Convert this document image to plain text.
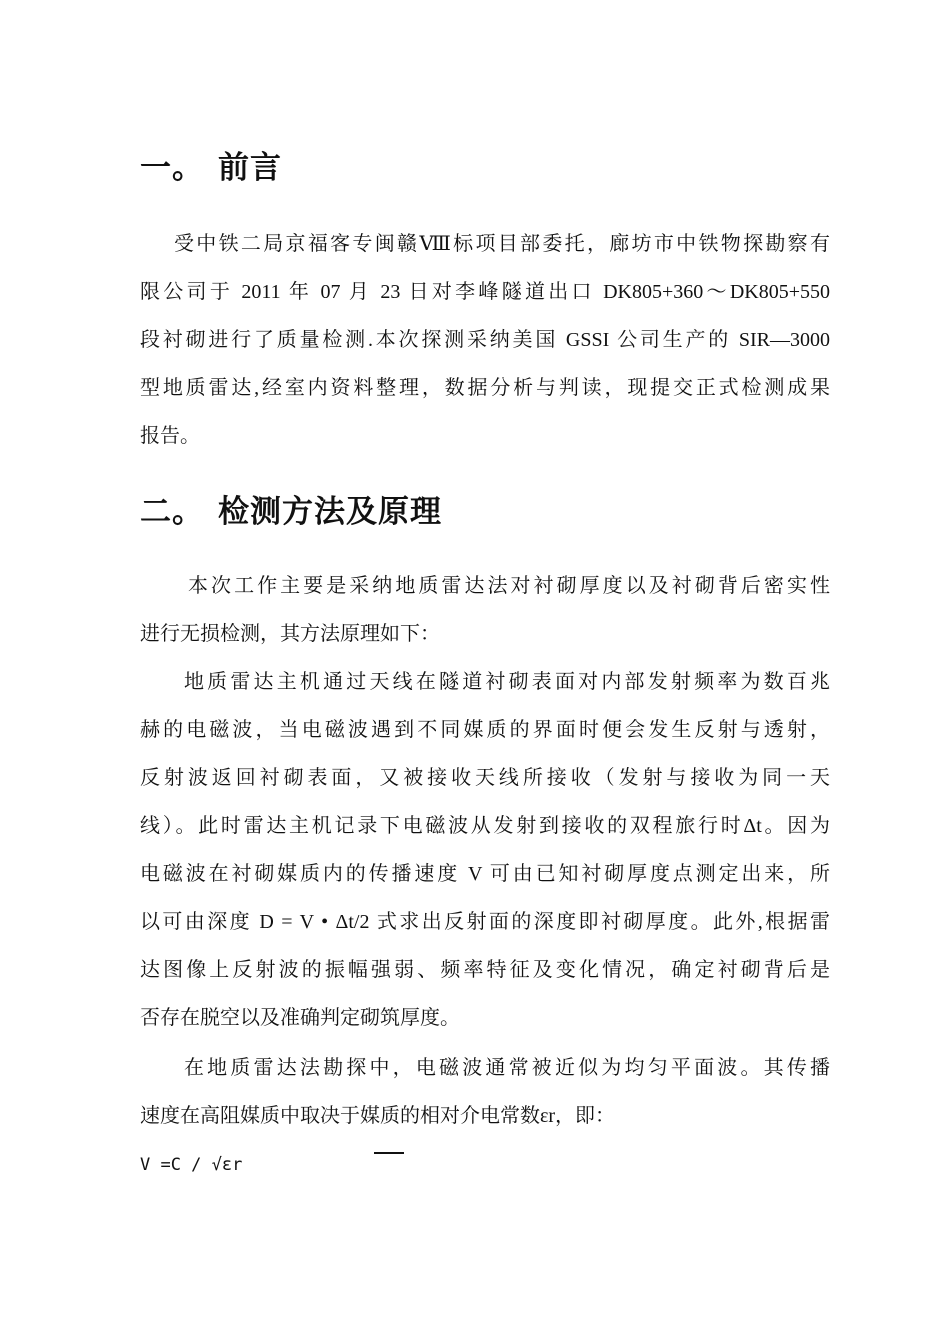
一。 前言
受中铁二局京福客专闽赣Ⅷ标项目部委托，廊坊市中铁物探勘察有
限公司于 2011 年 07 月 23 日对李峰隧道出口 DK805+360～DK805+550
段衬砌进行了质量检测.本次探测采纳美国 GSSI 公司生产的 SIR—3000
型地质雷达,经室内资料整理，数据分析与判读，现提交正式检测成果
报告。
二。 检测方法及原理
本次工作主要是采纳地质雷达法对衬砌厚度以及衬砌背后密实性
进行无损检测，其方法原理如下：
地质雷达主机通过天线在隧道衬砌表面对内部发射频率为数百兆
赫的电磁波，当电磁波遇到不同媒质的界面时便会发生反射与透射，
反射波返回衬砌表面，又被接收天线所接收（发射与接收为同一天
线）。此时雷达主机记录下电磁波从发射到接收的双程旅行时Δt。因为
电磁波在衬砌媒质内的传播速度 V 可由已知衬砌厚度点测定出来，所
以可由深度 D = V • Δt/2 式求出反射面的深度即衬砌厚度。此外,根据雷
达图像上反射波的振幅强弱、频率特征及变化情况，确定衬砌背后是
否存在脱空以及准确判定砌筑厚度。
在地质雷达法勘探中，电磁波通常被近似为均匀平面波。其传播
速度在高阻媒质中取决于媒质的相对介电常数εr，即：
V =C / √εr
